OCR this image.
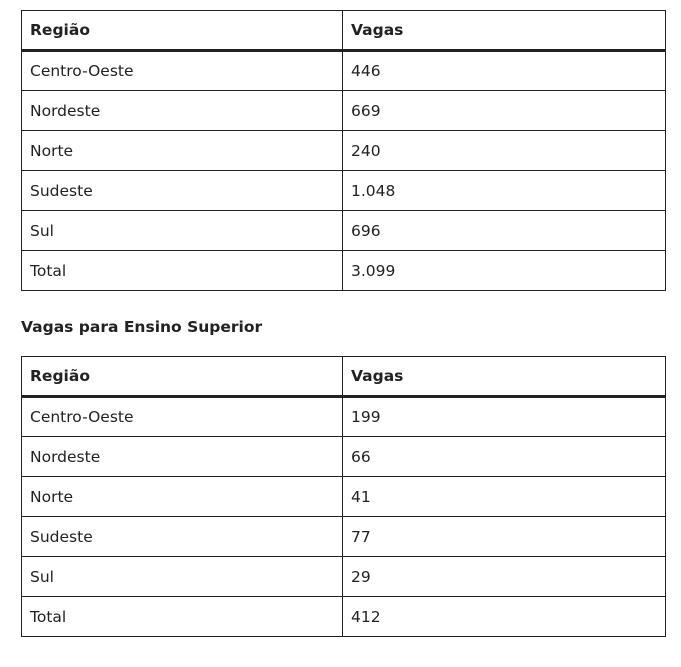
Região	Vagas
Centro-Oeste	446
Nordeste	669
Norte	240
Sudeste	1.048
Sul	696
Total	3.099

Vagas para Ensino Superior

Região	Vagas
Centro-Oeste	199
Nordeste	66
Norte	41
Sudeste	77
Sul	29
Total	412
